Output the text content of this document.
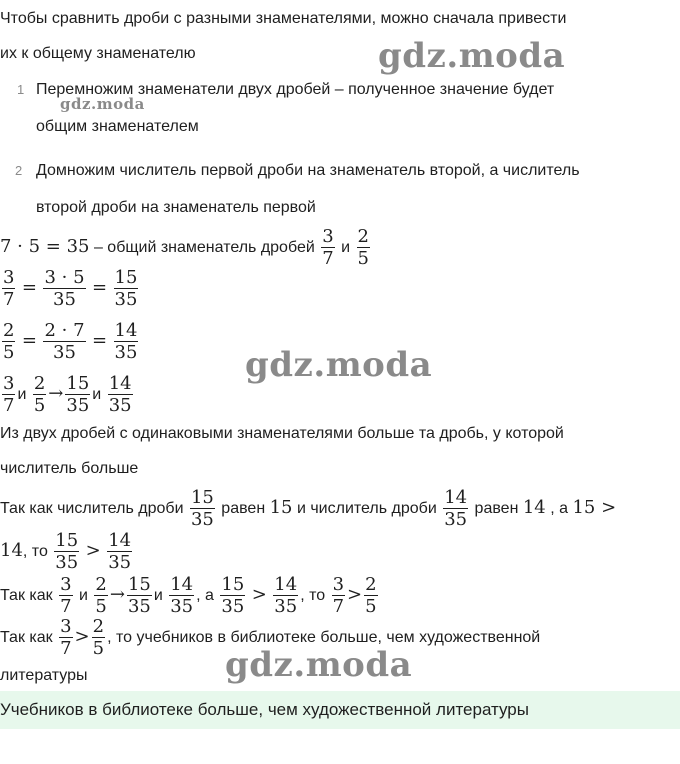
Чтобы сравнить дроби с разными знаменателями, можно сначала привести
их к общему знаменателю
1 Перемножим знаменатели двух дробей – полученное значение будет
общим знаменателем
2 Домножим числитель первой дроби на знаменатель второй, а числитель
второй дроби на знаменатель первой
7 · 5 = 35 – общий знаменатель дробей $\frac{3}{7}$ и $\frac{2}{5}$
$\frac{3}{7} = \frac{3 \cdot 5}{35} = \frac{15}{35}$
$\frac{2}{5} = \frac{2 \cdot 7}{35} = \frac{14}{35}$
$\frac{3}{7}$ и $\frac{2}{5} \to \frac{15}{35}$ и $\frac{14}{35}$
Из двух дробей с одинаковыми знаменателями больше та дробь, у которой
числитель больше
Так как числитель дроби $\frac{15}{35}$ равен 15 и числитель дроби $\frac{14}{35}$ равен 14 , а 15 >
14, то $\frac{15}{35} > \frac{14}{35}$
Так как $\frac{3}{7}$ и $\frac{2}{5} \to \frac{15}{35}$ и $\frac{14}{35}$ , а $\frac{15}{35} > \frac{14}{35}$ , то $\frac{3}{7} > \frac{2}{5}$
Так как $\frac{3}{7} > \frac{2}{5}$ , то учебников в библиотеке больше, чем художественной
литературы
Учебников в библиотеке больше, чем художественной литературы
gdz.moda
gdz.moda
gdz.moda
gdz.moda
